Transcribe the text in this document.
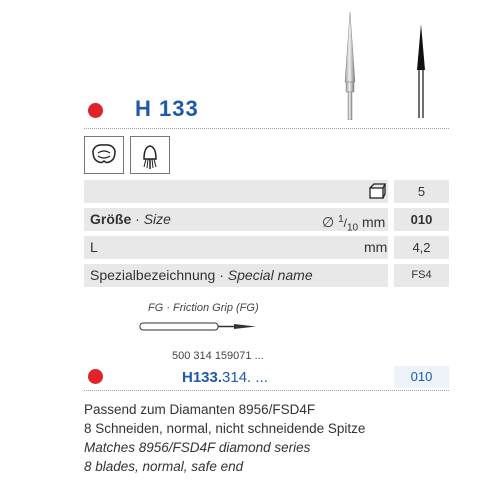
H 133
5
Größe · Size	∅ $^1/_{10}$ mm	010
L	mm	4,2
Spezialbezeichnung · Special name	FS4
FG · Friction Grip (FG)
500 314 159071 ...
H133.314. ...	010
Passend zum Diamanten 8956/FSD4F
8 Schneiden, normal, nicht schneidende Spitze
Matches 8956/FSD4F diamond series
8 blades, normal, safe end
